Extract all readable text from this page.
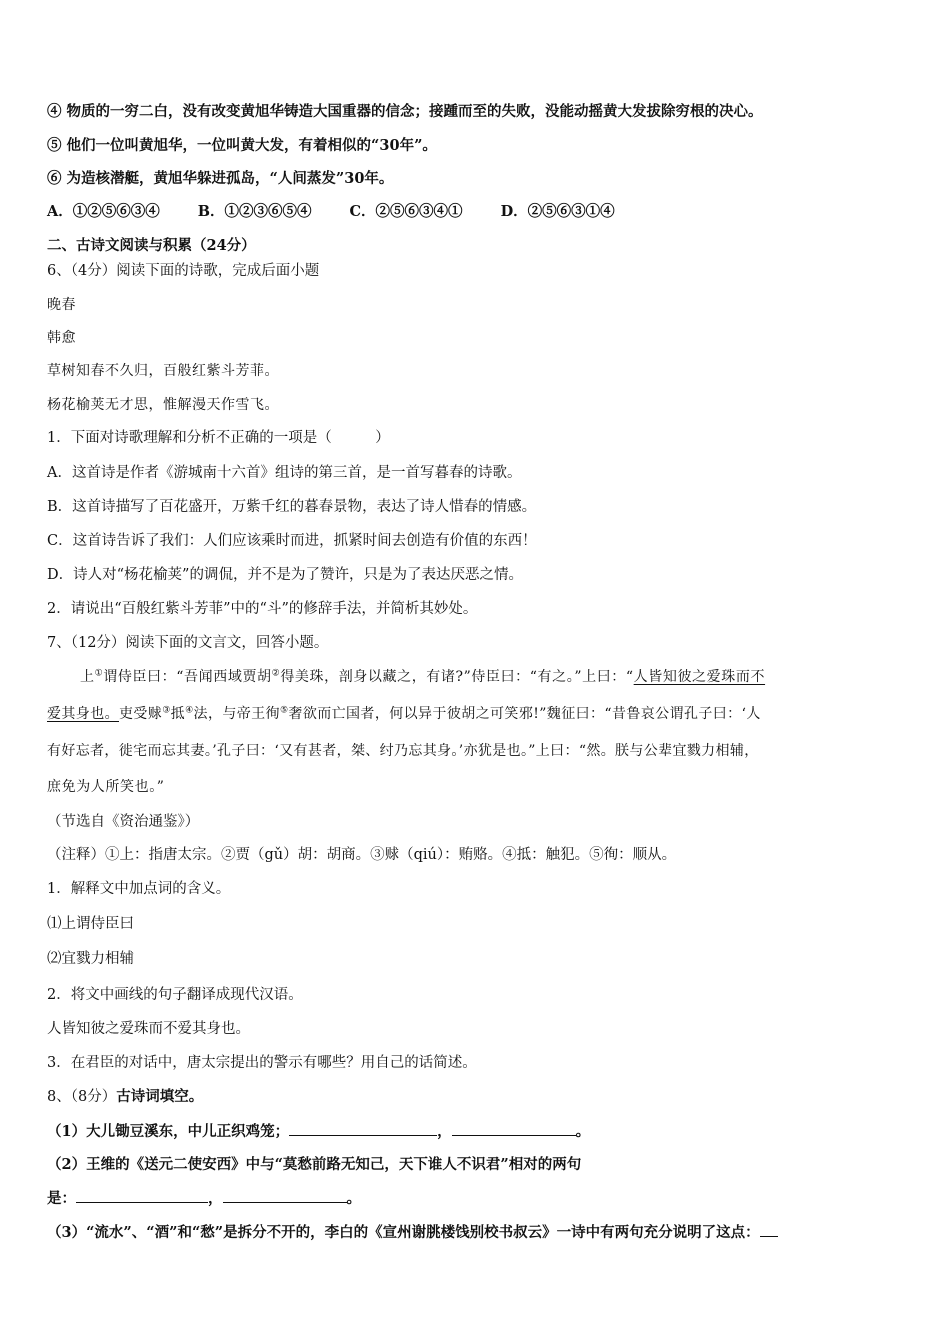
④ 物质的一穷二白，没有改变黄旭华铸造大国重器的信念；接踵而至的失败，没能动摇黄大发拔除穷根的决心。
⑤ 他们一位叫黄旭华，一位叫黄大发，有着相似的“30年”。
⑥ 为造核潜艇，黄旭华躲进孤岛，“人间蒸发”30年。
A．①②⑤⑥③④	B．①②③⑥⑤④	C．②⑤⑥③④①	D．②⑤⑥③①④
二、古诗文阅读与积累（24分）
6、（4分）阅读下面的诗歌，完成后面小题
晚春
韩愈
草树知春不久归，百般红紫斗芳菲。
杨花榆荚无才思，惟解漫天作雪飞。
1．下面对诗歌理解和分析不正确的一项是（　　　）
A．这首诗是作者《游城南十六首》组诗的第三首，是一首写暮春的诗歌。
B．这首诗描写了百花盛开，万紫千红的暮春景物，表达了诗人惜春的情感。
C．这首诗告诉了我们：人们应该乘时而进，抓紧时间去创造有价值的东西！
D．诗人对“杨花榆荚”的调侃，并不是为了赞许，只是为了表达厌恶之情。
2．请说出“百般红紫斗芳菲”中的“斗”的修辞手法，并简析其妙处。
7、（12分）阅读下面的文言文，回答小题。
上①谓侍臣曰：“吾闻西域贾胡②得美珠，剖身以藏之，有诸?”侍臣曰：“有之。”上曰：“人皆知彼之爱珠而不
爱其身也。吏受赇③抵④法，与帝王徇⑤奢欲而亡国者，何以异于彼胡之可笑邪!”魏征曰：“昔鲁哀公谓孔子曰：‘人
有好忘者，徙宅而忘其妻。’孔子曰：‘又有甚者，桀、纣乃忘其身。’亦犹是也。”上曰：“然。朕与公辈宜戮力相辅，
庶免为人所笑也。”
（节选自《资治通鉴》）
（注释）①上：指唐太宗。②贾（gǔ）胡：胡商。③赇（qiú）：贿赂。④抵：触犯。⑤徇：顺从。
1．解释文中加点词的含义。
⑴上谓侍臣曰
⑵宜戮力相辅
2．将文中画线的句子翻译成现代汉语。
人皆知彼之爱珠而不爱其身也。
3．在君臣的对话中，唐太宗提出的警示有哪些？用自己的话简述。
8、（8分）古诗词填空。
（1）大儿锄豆溪东，中儿正织鸡笼；	，	。
（2）王维的《送元二使安西》中与“莫愁前路无知己，天下谁人不识君”相对的两句
是：	，	。
（3）“流水”、“酒”和“愁”是拆分不开的，李白的《宣州谢朓楼饯别校书叔云》一诗中有两句充分说明了这点：
